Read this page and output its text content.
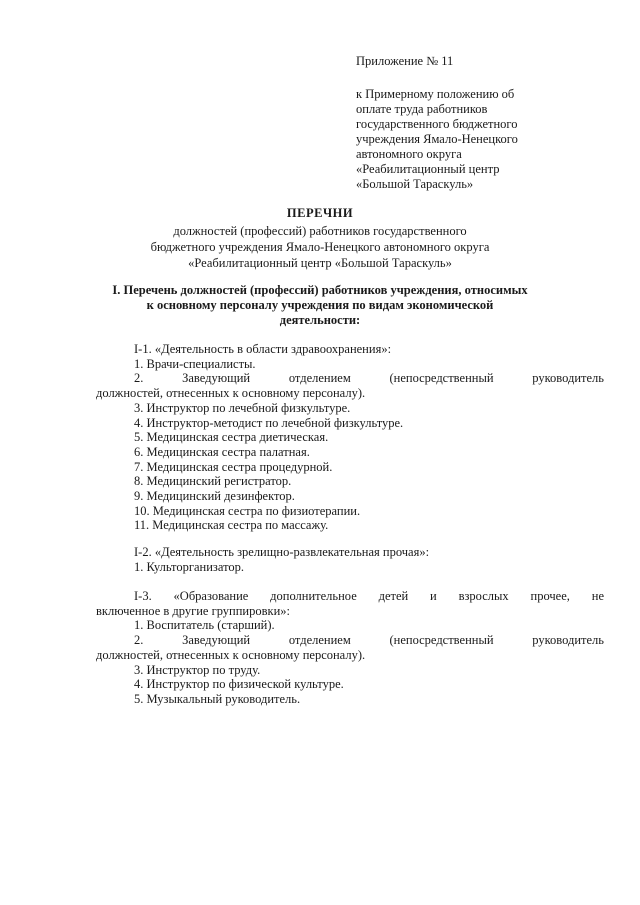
Приложение № 11
к Примерному положению об
оплате труда работников
государственного бюджетного
учреждения Ямало-Ненецкого
автономного округа
«Реабилитационный центр
«Большой Тараскуль»
ПЕРЕЧНИ
должностей (профессий) работников государственного
бюджетного учреждения Ямало-Ненецкого автономного округа
«Реабилитационный центр «Большой Тараскуль»
I. Перечень должностей (профессий) работников учреждения, относимых
к основному персоналу учреждения по видам экономической
деятельности:
I-1. «Деятельность в области здравоохранения»:
1. Врачи-специалисты.
2. Заведующий	отделением	(непосредственный	руководитель
должностей, отнесенных к основному персоналу).
3. Инструктор по лечебной физкультуре.
4. Инструктор-методист по лечебной физкультуре.
5. Медицинская сестра диетическая.
6. Медицинская сестра палатная.
7. Медицинская сестра процедурной.
8. Медицинский регистратор.
9. Медицинский дезинфектор.
10. Медицинская сестра по физиотерапии.
11. Медицинская сестра по массажу.
I-2. «Деятельность зрелищно-развлекательная прочая»:
1. Культорганизатор.
I-3. «Образование дополнительное детей и взрослых прочее, не
включенное в другие группировки»:
1. Воспитатель (старший).
2. Заведующий	отделением	(непосредственный	руководитель
должностей, отнесенных к основному персоналу).
3. Инструктор по труду.
4. Инструктор по физической культуре.
5. Музыкальный руководитель.
